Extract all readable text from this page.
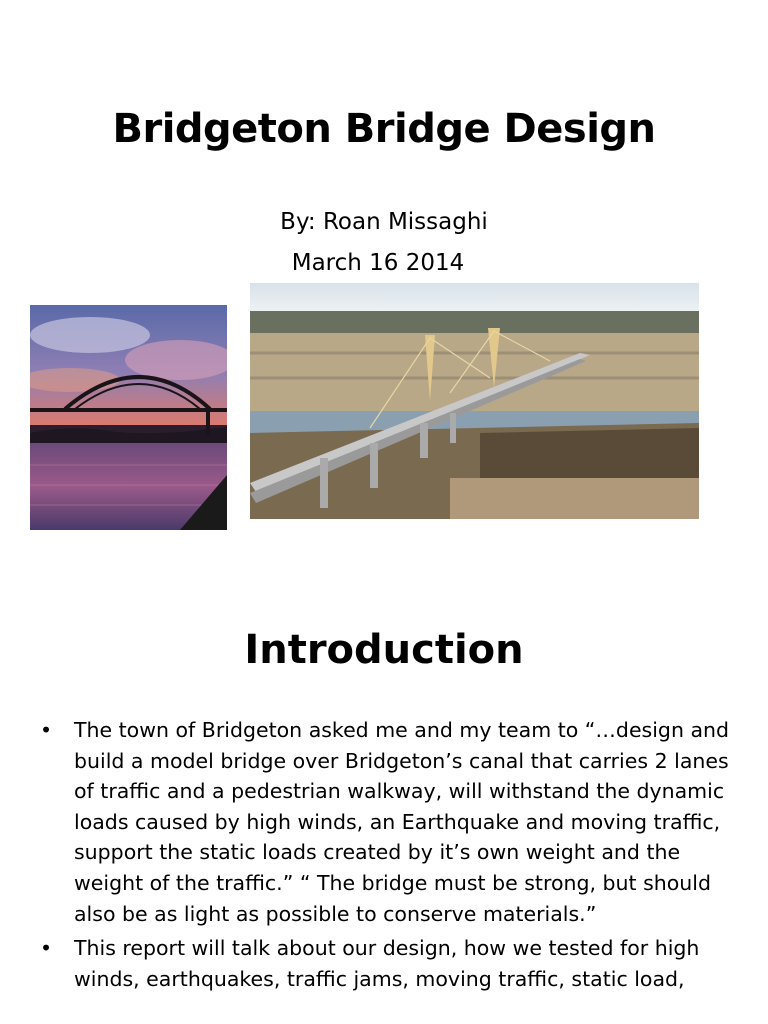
Bridgeton Bridge Design
By: Roan Missaghi
March 16 2014
Introduction
• The town of Bridgeton asked me and my team to “…design and build a model bridge over Bridgeton’s canal that carries 2 lanes of traffic and a pedestrian walkway, will withstand the dynamic loads caused by high winds, an Earthquake and moving traffic, support the static loads created by it’s own weight and the weight of the traffic.” “ The bridge must be strong, but should also be as light as possible to conserve materials.”
• This report will talk about our design, how we tested for high winds, earthquakes, traffic jams, moving traffic, static load,
